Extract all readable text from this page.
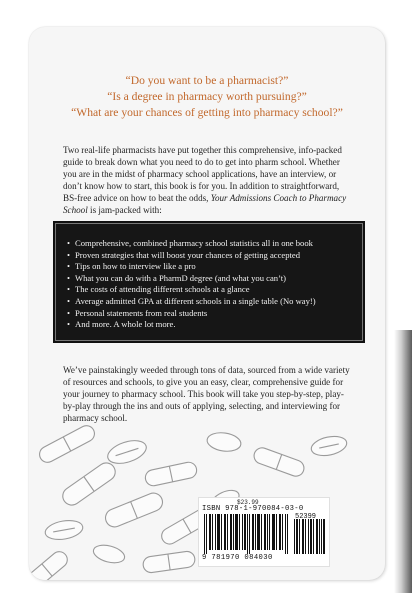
“Do you want to be a pharmacist?”
“Is a degree in pharmacy worth pursuing?”
“What are your chances of getting into pharmacy school?”
Two real-life pharmacists have put together this comprehensive, info-packed guide to break down what you need to do to get into pharm school. Whether you are in the midst of pharmacy school applications, have an interview, or don’t know how to start, this book is for you. In addition to straightforward, BS-free advice on how to beat the odds, Your Admissions Coach to Pharmacy School is jam-packed with:
• Comprehensive, combined pharmacy school statistics all in one book
• Proven strategies that will boost your chances of getting accepted
• Tips on how to interview like a pro
• What you can do with a PharmD degree (and what you can’t)
• The costs of attending different schools at a glance
• Average admitted GPA at different schools in a single table (No way!)
• Personal statements from real students
• And more. A whole lot more.
We’ve painstakingly weeded through tons of data, sourced from a wide variety of resources and schools, to give you an easy, clear, comprehensive guide for your journey to pharmacy school. This book will take you step-by-step, play-by-play through the ins and outs of applying, selecting, and interviewing for pharmacy school.
$23.99
ISBN 978-1-970084-03-0
52399
9 781970 084030
